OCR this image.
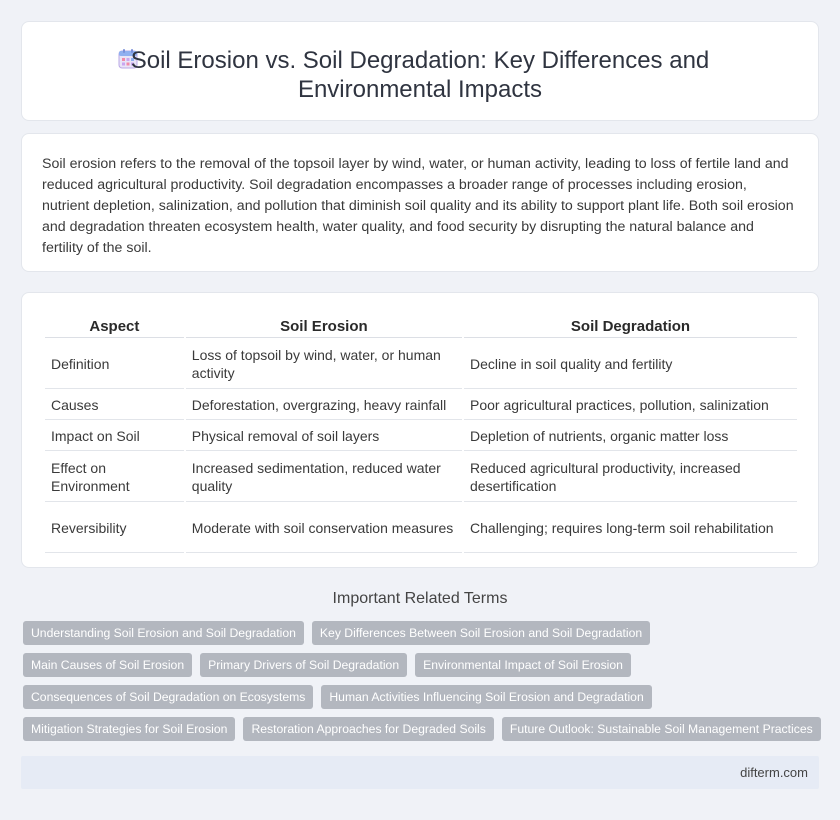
Soil Erosion vs. Soil Degradation: Key Differences and Environmental Impacts

Soil erosion refers to the removal of the topsoil layer by wind, water, or human activity, leading to loss of fertile land and reduced agricultural productivity. Soil degradation encompasses a broader range of processes including erosion, nutrient depletion, salinization, and pollution that diminish soil quality and its ability to support plant life. Both soil erosion and degradation threaten ecosystem health, water quality, and food security by disrupting the natural balance and fertility of the soil.

Aspect	Soil Erosion	Soil Degradation
Definition	Loss of topsoil by wind, water, or human activity	Decline in soil quality and fertility
Causes	Deforestation, overgrazing, heavy rainfall	Poor agricultural practices, pollution, salinization
Impact on Soil	Physical removal of soil layers	Depletion of nutrients, organic matter loss
Effect on Environment	Increased sedimentation, reduced water quality	Reduced agricultural productivity, increased desertification
Reversibility	Moderate with soil conservation measures	Challenging; requires long-term soil rehabilitation
Important Related Terms
Understanding Soil Erosion and Soil Degradation	Key Differences Between Soil Erosion and Soil Degradation
Main Causes of Soil Erosion	Primary Drivers of Soil Degradation	Environmental Impact of Soil Erosion
Consequences of Soil Degradation on Ecosystems	Human Activities Influencing Soil Erosion and Degradation
Mitigation Strategies for Soil Erosion	Restoration Approaches for Degraded Soils	Future Outlook: Sustainable Soil Management Practices
difterm.com
